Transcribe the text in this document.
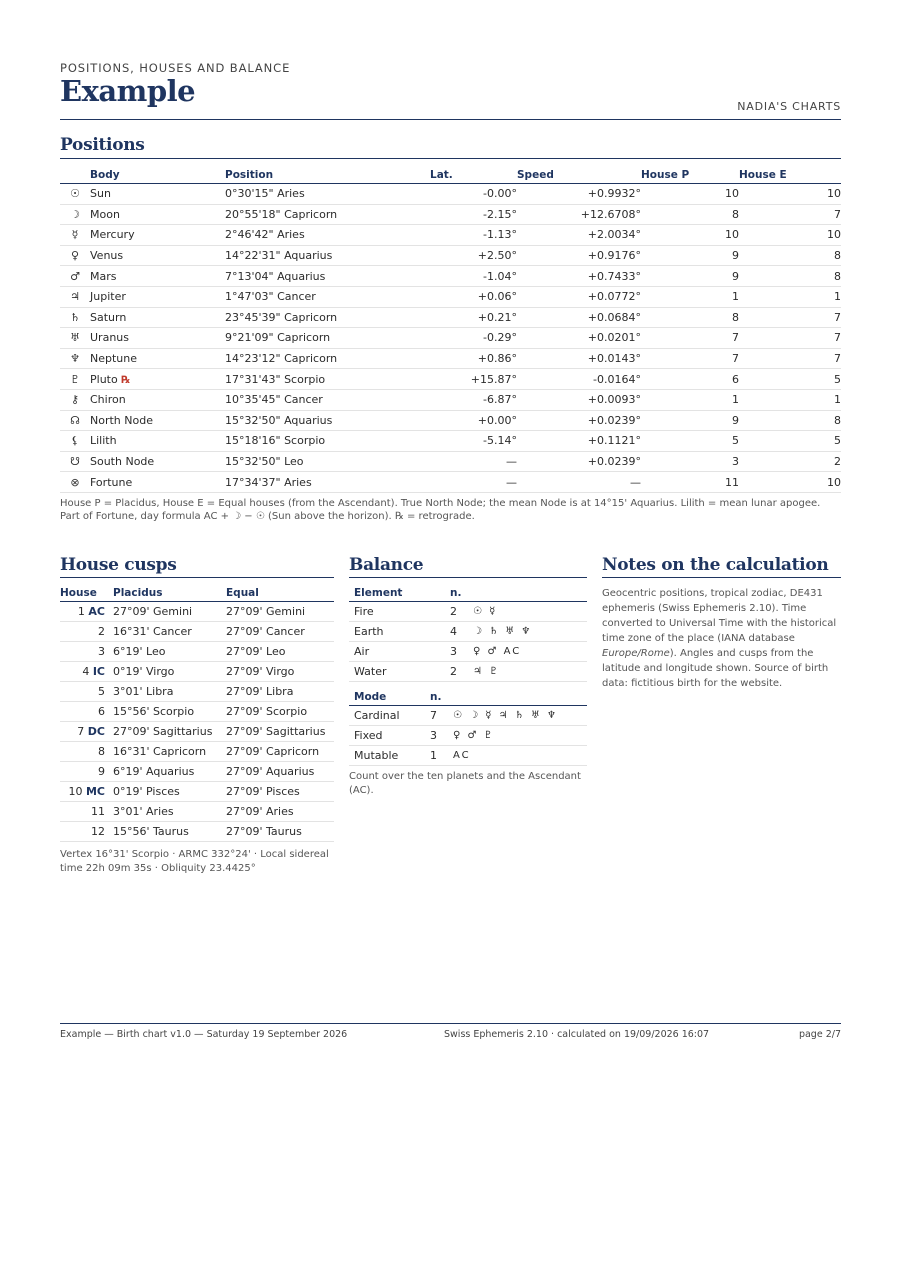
POSITIONS, HOUSES AND BALANCE
Example	NADIA'S CHARTS
Positions
	Body	Position	Lat.	Speed	House P	House E
☉	Sun	0°30'15" Aries	-0.00°	+0.9932°	10	10
☽	Moon	20°55'18" Capricorn	-2.15°	+12.6708°	8	7
☿	Mercury	2°46'42" Aries	-1.13°	+2.0034°	10	10
♀	Venus	14°22'31" Aquarius	+2.50°	+0.9176°	9	8
♂	Mars	7°13'04" Aquarius	-1.04°	+0.7433°	9	8
♃	Jupiter	1°47'03" Cancer	+0.06°	+0.0772°	1	1
♄	Saturn	23°45'39" Capricorn	+0.21°	+0.0684°	8	7
♅	Uranus	9°21'09" Capricorn	-0.29°	+0.0201°	7	7
♆	Neptune	14°23'12" Capricorn	+0.86°	+0.0143°	7	7
♇	Pluto ℞	17°31'43" Scorpio	+15.87°	-0.0164°	6	5
⚷	Chiron	10°35'45" Cancer	-6.87°	+0.0093°	1	1
☊	North Node	15°32'50" Aquarius	+0.00°	+0.0239°	9	8
⚸	Lilith	15°18'16" Scorpio	-5.14°	+0.1121°	5	5
☋	South Node	15°32'50" Leo	—	+0.0239°	3	2
⊗	Fortune	17°34'37" Aries	—	—	11	10
House P = Placidus, House E = Equal houses (from the Ascendant). True North Node; the mean Node is at 14°15' Aquarius. Lilith = mean lunar apogee. Part of Fortune, day formula AC + ☽ − ☉ (Sun above the horizon). ℞ = retrograde.
House cusps
House	Placidus	Equal
1 AC	27°09' Gemini	27°09' Gemini
2	16°31' Cancer	27°09' Cancer
3	6°19' Leo	27°09' Leo
4 IC	0°19' Virgo	27°09' Virgo
5	3°01' Libra	27°09' Libra
6	15°56' Scorpio	27°09' Scorpio
7 DC	27°09' Sagittarius	27°09' Sagittarius
8	16°31' Capricorn	27°09' Capricorn
9	6°19' Aquarius	27°09' Aquarius
10 MC	0°19' Pisces	27°09' Pisces
11	3°01' Aries	27°09' Aries
12	15°56' Taurus	27°09' Taurus
Vertex 16°31' Scorpio · ARMC 332°24' · Local sidereal time 22h 09m 35s · Obliquity 23.4425°
Balance
Element	n.	
Fire	2	☉ ☿
Earth	4	☽ ♄ ♅ ♆
Air	3	♀ ♂ AC
Water	2	♃ ♇
Mode	n.	
Cardinal	7	☉ ☽ ☿ ♃ ♄ ♅ ♆
Fixed	3	♀ ♂ ♇
Mutable	1	AC
Count over the ten planets and the Ascendant (AC).
Notes on the calculation
Geocentric positions, tropical zodiac, DE431 ephemeris (Swiss Ephemeris 2.10). Time converted to Universal Time with the historical time zone of the place (IANA database Europe/Rome). Angles and cusps from the latitude and longitude shown. Source of birth data: fictitious birth for the website.
Example — Birth chart v1.0 — Saturday 19 September 2026	Swiss Ephemeris 2.10 · calculated on 19/09/2026 16:07	page 2/7
